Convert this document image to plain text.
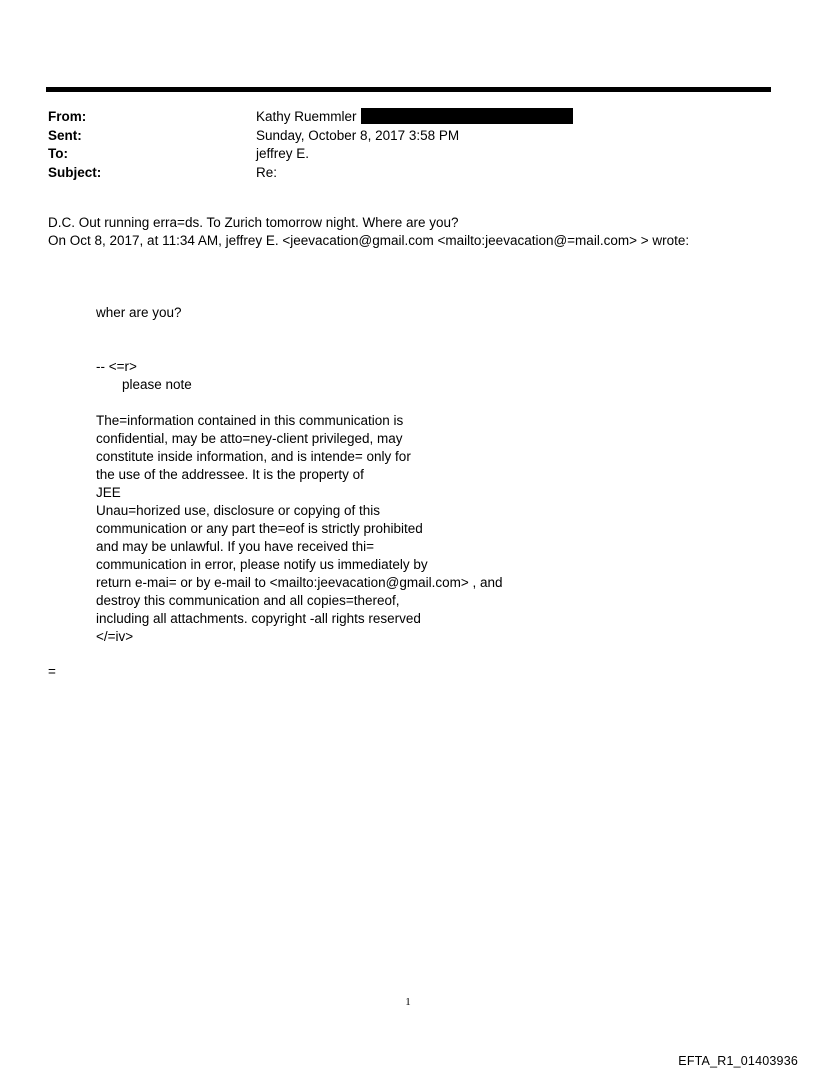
From:	Kathy Ruemmler
Sent:	Sunday, October 8, 2017 3:58 PM
To:	jeffrey E.
Subject:	Re:
D.C. Out running erra=ds. To Zurich tomorrow night. Where are you?
On Oct 8, 2017, at 11:34 AM, jeffrey E. <jeevacation@gmail.com <mailto:jeevacation@=mail.com> > wrote:
wher are you?
-- <=r>
please note
The=information contained in this communication is
confidential, may be atto=ney-client privileged, may
constitute inside information, and is intende= only for
the use of the addressee. It is the property of
JEE
Unau=horized use, disclosure or copying of this
communication or any part the=eof is strictly prohibited
and may be unlawful. If you have received thi=
communication in error, please notify us immediately by
return e-mai= or by e-mail to <mailto:jeevacation@gmail.com> , and
destroy this communication and all copies=thereof,
including all attachments. copyright -all rights reserved
</=iv>
=
1
EFTA_R1_01403936
